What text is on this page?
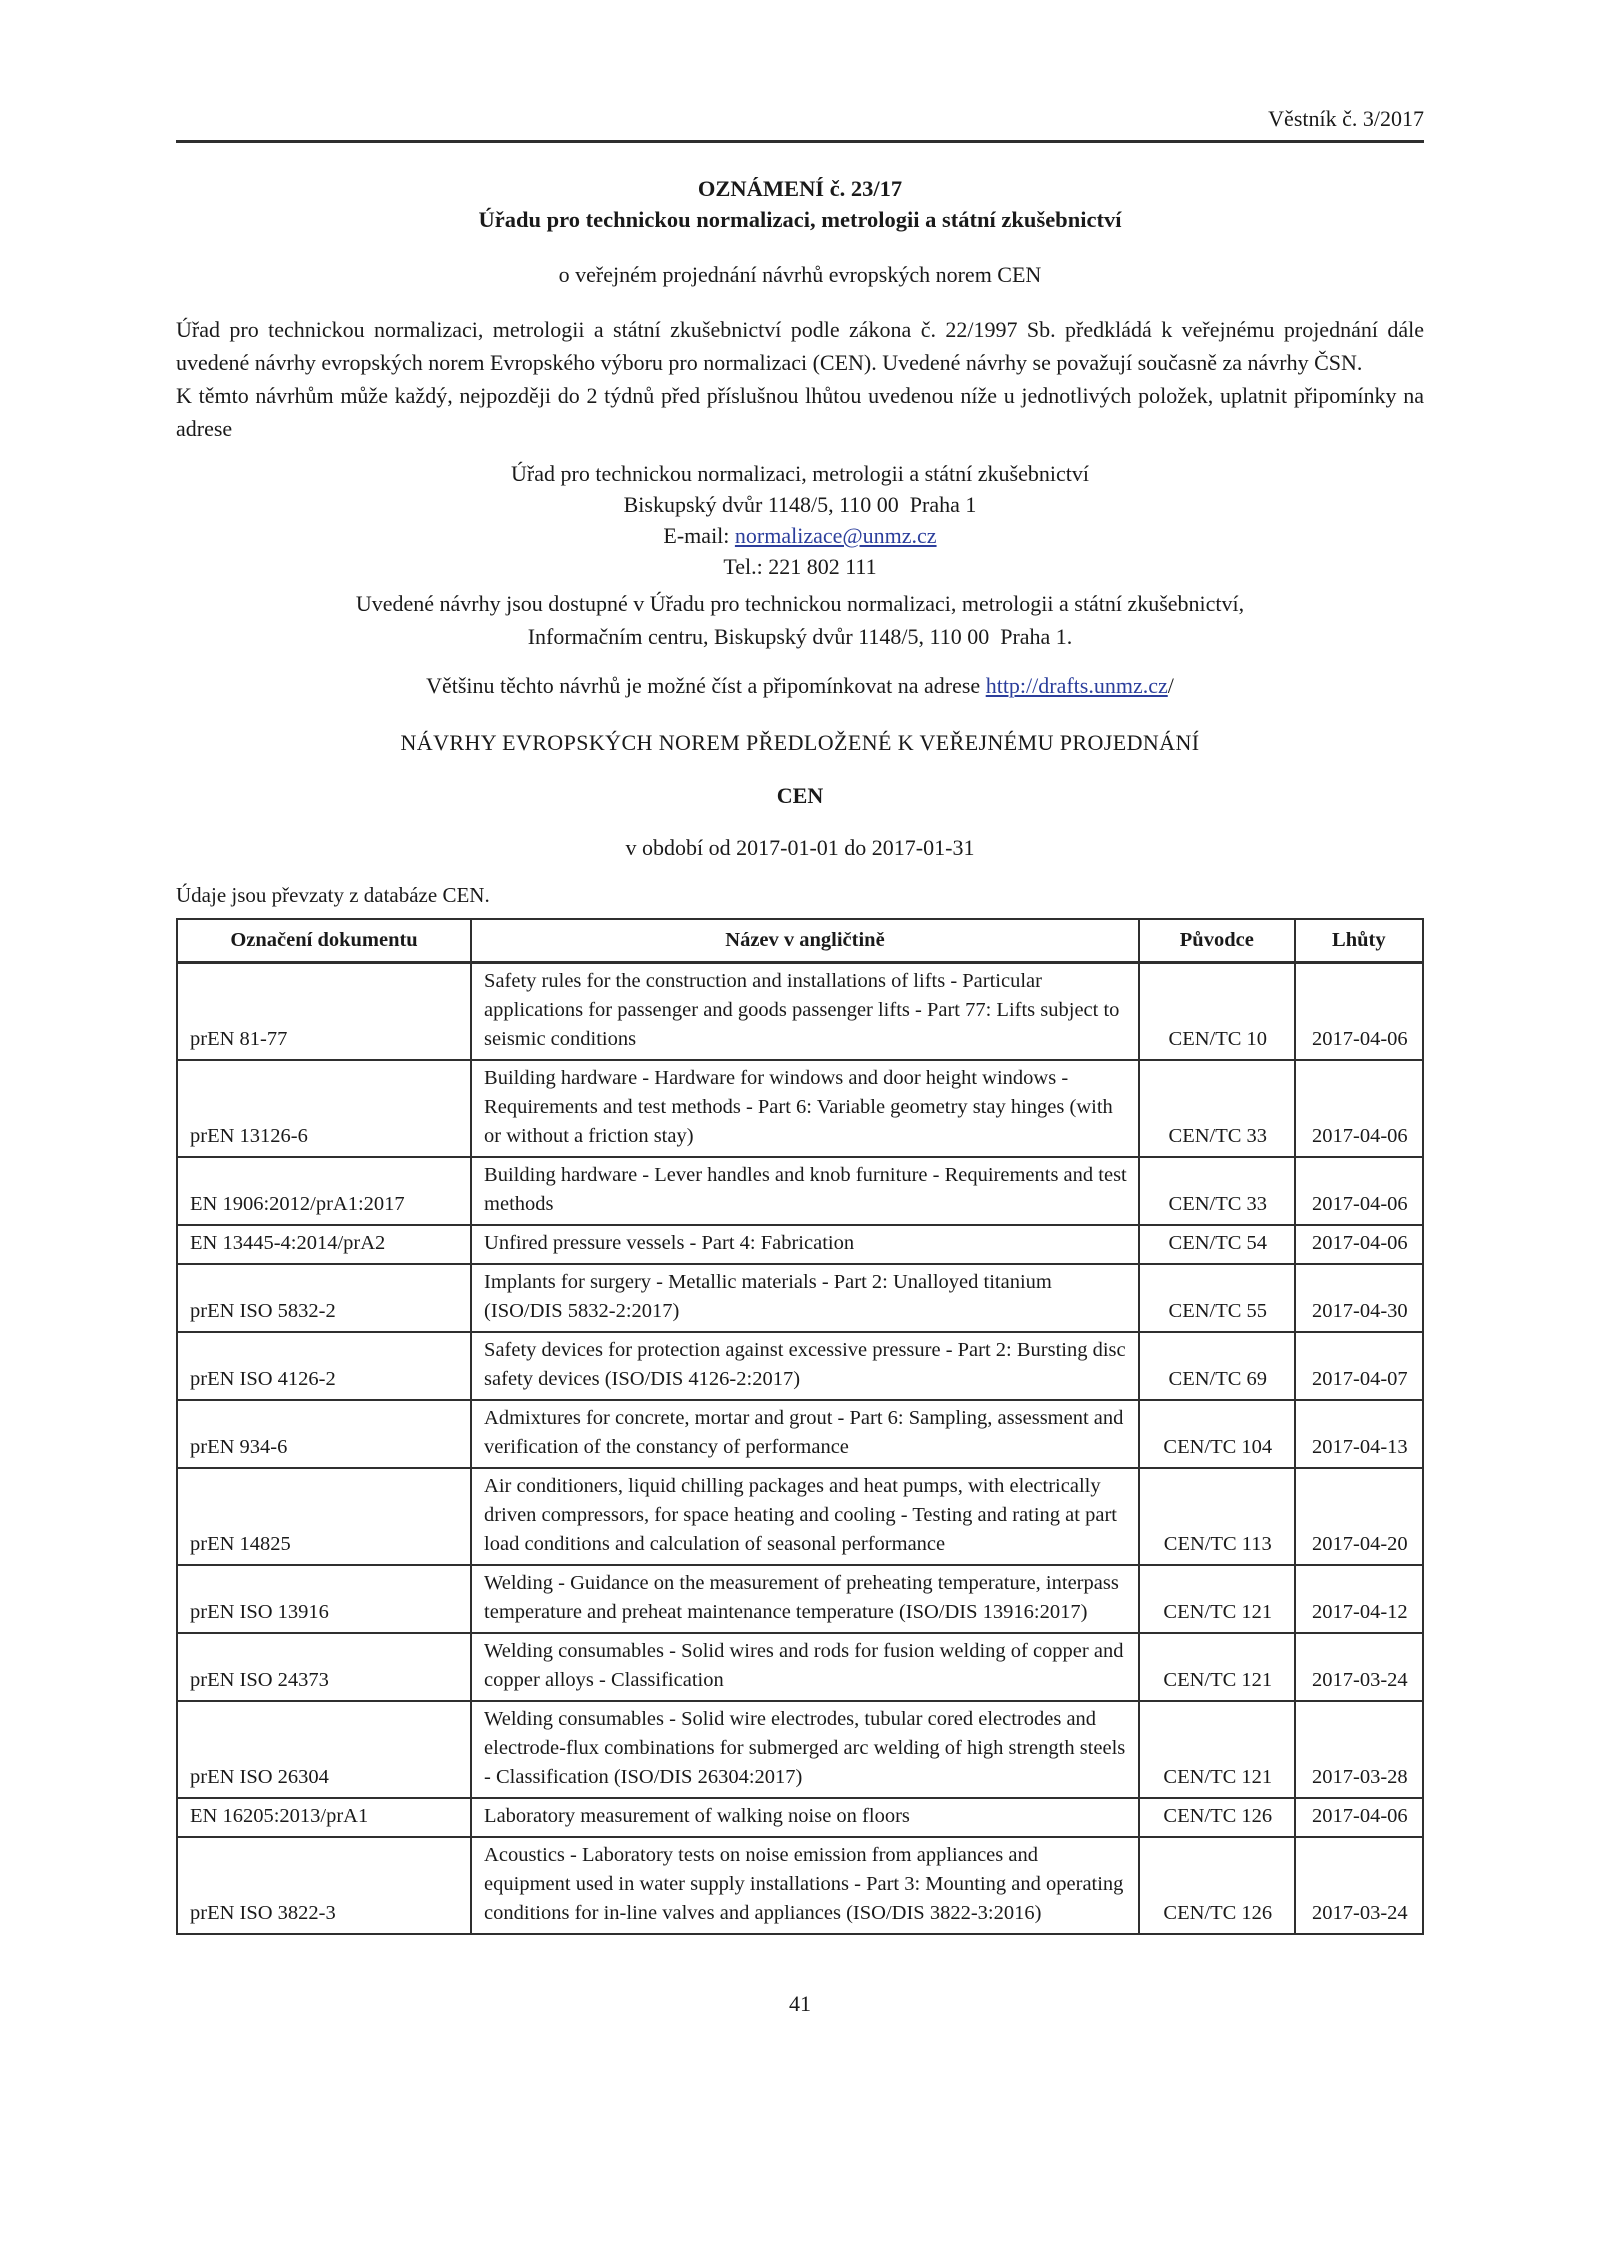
Věstník č. 3/2017
OZNÁMENÍ č. 23/17
Úřadu pro technickou normalizaci, metrologii a státní zkušebnictví
o veřejném projednání návrhů evropských norem CEN

Úřad pro technickou normalizaci, metrologii a státní zkušebnictví podle zákona č. 22/1997 Sb. předkládá k veřejnému projednání dále uvedené návrhy evropských norem Evropského výboru pro normalizaci (CEN). Uvedené návrhy se považují současně za návrhy ČSN.

K těmto návrhům může každý, nejpozději do 2 týdnů před příslušnou lhůtou uvedenou níže u jednotlivých položek, uplatnit připomínky na adrese

Úřad pro technickou normalizaci, metrologii a státní zkušebnictví
Biskupský dvůr 1148/5, 110 00  Praha 1
E-mail: normalizace@unmz.cz
Tel.: 221 802 111
Uvedené návrhy jsou dostupné v Úřadu pro technickou normalizaci, metrologii a státní zkušebnictví,
Informačním centru, Biskupský dvůr 1148/5, 110 00  Praha 1.
Většinu těchto návrhů je možné číst a připomínkovat na adrese http://drafts.unmz.cz/
NÁVRHY EVROPSKÝCH NOREM PŘEDLOŽENÉ K VEŘEJNÉMU PROJEDNÁNÍ
CEN
v období od 2017-01-01 do 2017-01-31
Údaje jsou převzaty z databáze CEN.
Označení dokumentu	Název v angličtině	Původce	Lhůty
prEN 81-77	Safety rules for the construction and installations of lifts - Particular applications for passenger and goods passenger lifts - Part 77: Lifts subject to seismic conditions	CEN/TC 10	2017-04-06
prEN 13126-6	Building hardware - Hardware for windows and door height windows - Requirements and test methods - Part 6: Variable geometry stay hinges (with or without a friction stay)	CEN/TC 33	2017-04-06
EN 1906:2012/prA1:2017	Building hardware - Lever handles and knob furniture - Requirements and test methods	CEN/TC 33	2017-04-06
EN 13445-4:2014/prA2	Unfired pressure vessels - Part 4: Fabrication	CEN/TC 54	2017-04-06
prEN ISO 5832-2	Implants for surgery - Metallic materials - Part 2: Unalloyed titanium (ISO/DIS 5832-2:2017)	CEN/TC 55	2017-04-30
prEN ISO 4126-2	Safety devices for protection against excessive pressure - Part 2: Bursting disc safety devices (ISO/DIS 4126-2:2017)	CEN/TC 69	2017-04-07
prEN 934-6	Admixtures for concrete, mortar and grout - Part 6: Sampling, assessment and verification of the constancy of performance	CEN/TC 104	2017-04-13
prEN 14825	Air conditioners, liquid chilling packages and heat pumps, with electrically driven compressors, for space heating and cooling - Testing and rating at part load conditions and calculation of seasonal performance	CEN/TC 113	2017-04-20
prEN ISO 13916	Welding - Guidance on the measurement of preheating temperature, interpass temperature and preheat maintenance temperature (ISO/DIS 13916:2017)	CEN/TC 121	2017-04-12
prEN ISO 24373	Welding consumables - Solid wires and rods for fusion welding of copper and copper alloys - Classification	CEN/TC 121	2017-03-24
prEN ISO 26304	Welding consumables - Solid wire electrodes, tubular cored electrodes and electrode-flux combinations for submerged arc welding of high strength steels - Classification (ISO/DIS 26304:2017)	CEN/TC 121	2017-03-28
EN 16205:2013/prA1	Laboratory measurement of walking noise on floors	CEN/TC 126	2017-04-06
prEN ISO 3822-3	Acoustics - Laboratory tests on noise emission from appliances and equipment used in water supply installations - Part 3: Mounting and operating conditions for in-line valves and appliances (ISO/DIS 3822-3:2016)	CEN/TC 126	2017-03-24
41
